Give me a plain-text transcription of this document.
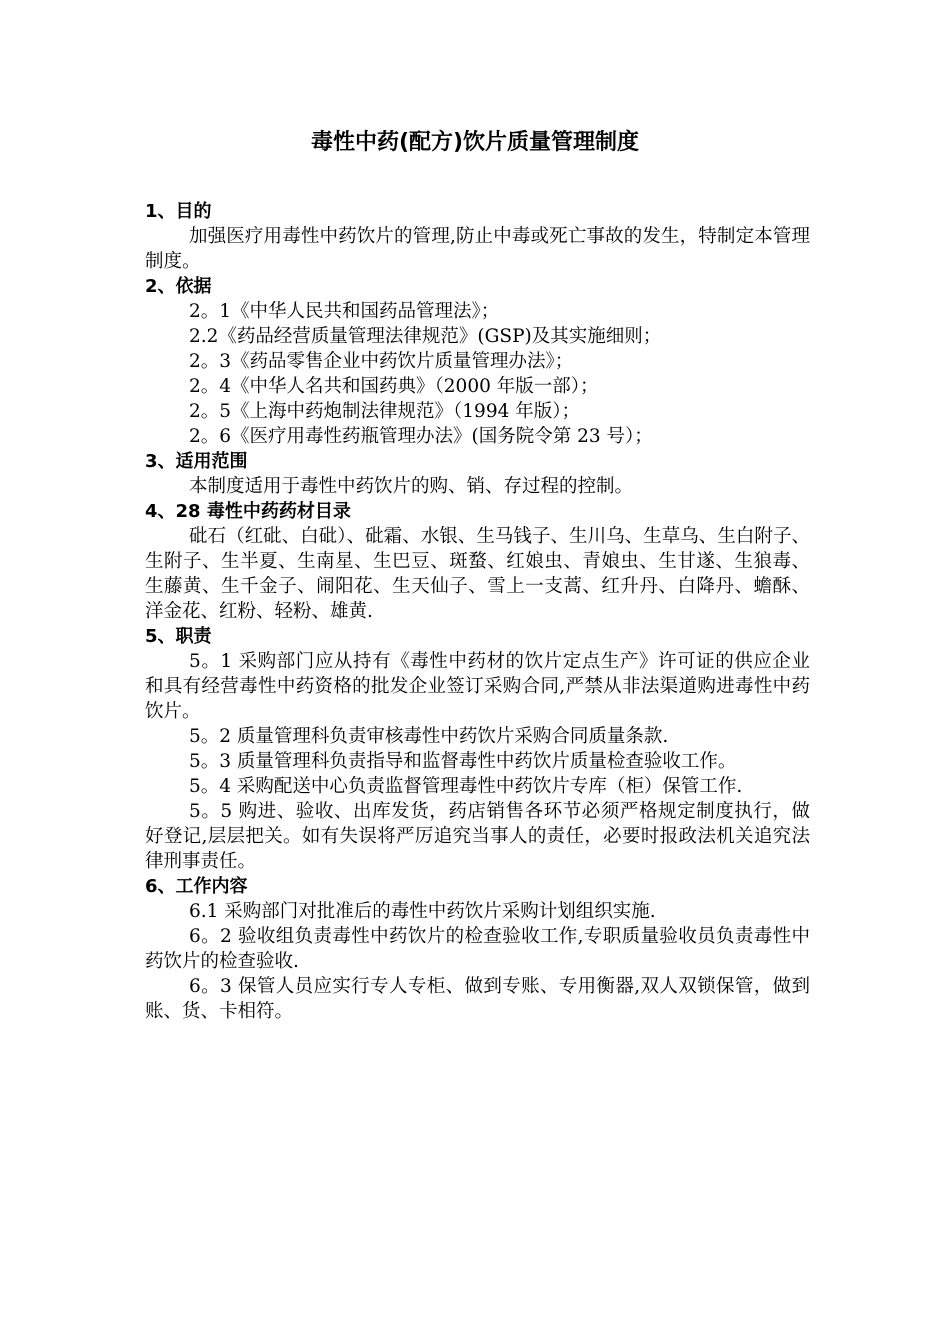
毒性中药(配方)饮片质量管理制度

1、目的

加强医疗用毒性中药饮片的管理,防止中毒或死亡事故的发生，特制定本管理制度。

2、依据

2。1《中华人民共和国药品管理法》；

2.2《药品经营质量管理法律规范》(GSP)及其实施细则；

2。3《药品零售企业中药饮片质量管理办法》；

2。4《中华人名共和国药典》（2000 年版一部）；

2。5《上海中药炮制法律规范》（1994 年版）；

2。6《医疗用毒性药瓶管理办法》(国务院令第 23 号）；

3、适用范围

本制度适用于毒性中药饮片的购、销、存过程的控制。

4、28 毒性中药药材目录

砒石（红砒、白砒）、砒霜、水银、生马钱子、生川乌、生草乌、生白附子、生附子、生半夏、生南星、生巴豆、斑蝥、红娘虫、青娘虫、生甘遂、生狼毒、生藤黄、生千金子、闹阳花、生天仙子、雪上一支蒿、红升丹、白降丹、蟾酥、洋金花、红粉、轻粉、雄黄.

5、职责

5。1 采购部门应从持有《毒性中药材的饮片定点生产》许可证的供应企业和具有经营毒性中药资格的批发企业签订采购合同,严禁从非法渠道购进毒性中药饮片。

5。2 质量管理科负责审核毒性中药饮片采购合同质量条款.

5。3 质量管理科负责指导和监督毒性中药饮片质量检查验收工作。

5。4 采购配送中心负责监督管理毒性中药饮片专库（柜）保管工作.

5。5 购进、验收、出库发货，药店销售各环节必须严格规定制度执行，做好登记,层层把关。如有失误将严厉追究当事人的责任，必要时报政法机关追究法律刑事责任。

6、工作内容

6.1 采购部门对批准后的毒性中药饮片采购计划组织实施.

6。2 验收组负责毒性中药饮片的检查验收工作,专职质量验收员负责毒性中药饮片的检查验收.

6。3 保管人员应实行专人专柜、做到专账、专用衡器,双人双锁保管，做到账、货、卡相符。
